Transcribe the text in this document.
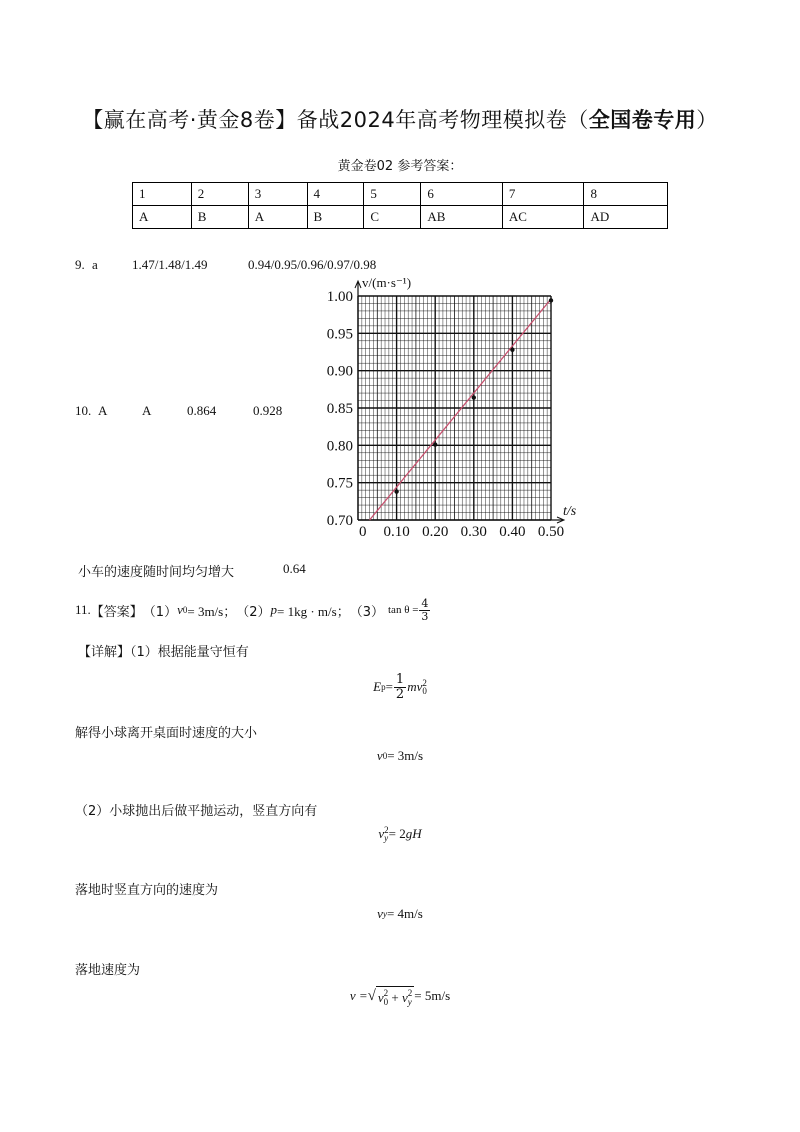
【赢在高考·黄金8卷】备战2024年高考物理模拟卷（全国卷专用）
黄金卷02 参考答案：
1	2	3	4	5	6	7	8
A	B	A	B	C	AB	AC	AD
9. a	1.47/1.48/1.49	0.94/0.95/0.96/0.97/0.98
10. A	A	0.864	0.928
0.70
0.75
0.80
0.85
0.90
0.95
1.00
0 0.10 0.20 0.30 0.40 0.50
v/(m·s⁻¹)
t/s
小车的速度随时间均匀增大	0.64
11. 【答案】 （1） v 0 = 3m/s； （2） p = 1kg · m/s； （3） $\tan \theta = \frac{4}{3}$
【详解】（1）根据能量守恒有
E $p = \frac{1}{2}$ mv 2
0
解得小球离开桌面时速度的大小
v 0 = 3m/s
（2）小球抛出后做平抛运动，竖直方向有
v 2
y = 2 gH
落地时竖直方向的速度为
v y = 4m/s
落地速度为
v = √ v 2
0 + v 2
y = 5m/s
